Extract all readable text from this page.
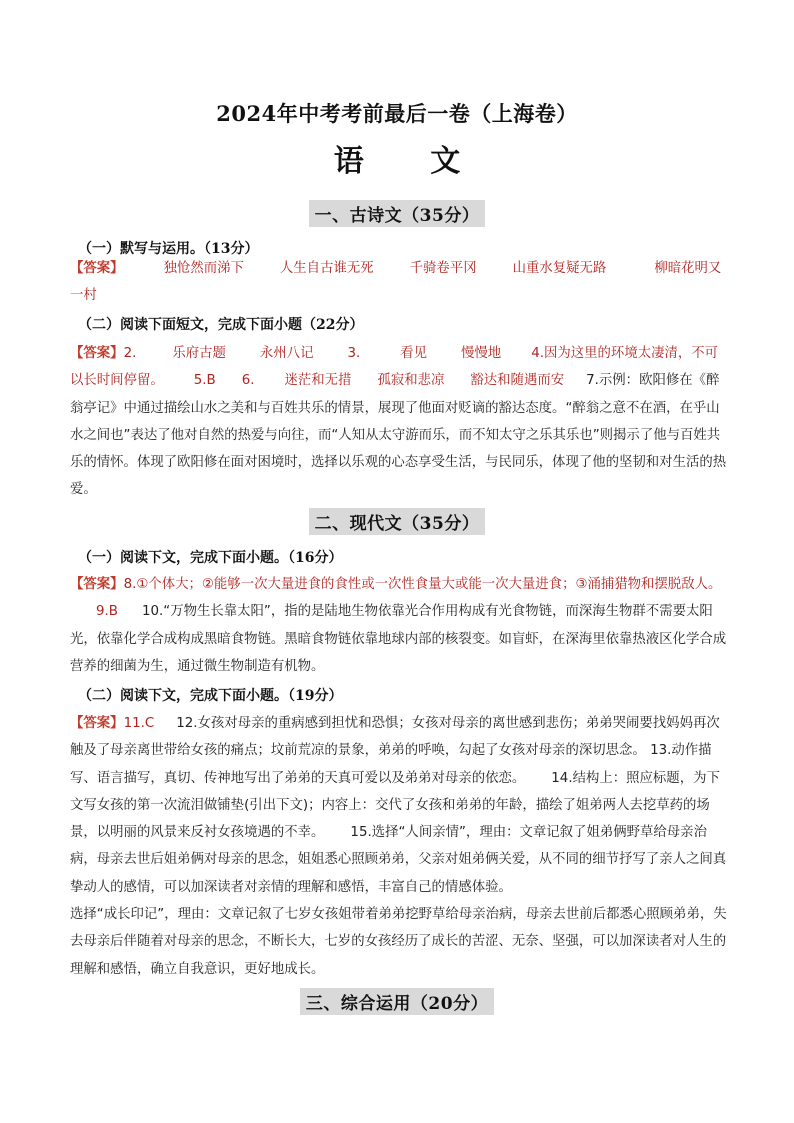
2024年中考考前最后一卷（上海卷）
语 文
一、古诗文（35分）
（一）默写与运用。（13分）
【答案】	独怆然而涕下	人生自古谁无死	千骑卷平冈	山重水复疑无路	柳暗花明又一村
（二）阅读下面短文，完成下面小题（22分）
【答案】2.	乐府古题	永州八记	3.	看见	慢慢地 4.因为这里的环境太凄清，不可以长时间停留。 5.B 6. 迷茫和无措 孤寂和悲凉 豁达和随遇而安 7.示例：欧阳修在《醉翁亭记》中通过描绘山水之美和与百姓共乐的情景，展现了他面对贬谪的豁达态度。“醉翁之意不在酒，在乎山水之间也”表达了他对自然的热爱与向往，而“人知从太守游而乐，而不知太守之乐其乐也”则揭示了他与百姓共乐的情怀。体现了欧阳修在面对困境时，选择以乐观的心态享受生活，与民同乐，体现了他的坚韧和对生活的热爱。
二、现代文（35分）
（一）阅读下文，完成下面小题。（16分）
【答案】8.①个体大；②能够一次大量进食的食性或一次性食量大或能一次大量进食；③涌捕猎物和摆脱敌人。9.B 10.“万物生长靠太阳”，指的是陆地生物依靠光合作用构成有光食物链，而深海生物群不需要太阳光，依靠化学合成构成黑暗食物链。黑暗食物链依靠地球内部的核裂变。如盲虾，在深海里依靠热液区化学合成营养的细菌为生，通过微生物制造有机物。
（二）阅读下文，完成下面小题。（19分）
【答案】11.C 12.女孩对母亲的重病感到担忧和恐惧；女孩对母亲的离世感到悲伤；弟弟哭闹要找妈妈再次触及了母亲离世带给女孩的痛点；坟前荒凉的景象，弟弟的呼唤，勾起了女孩对母亲的深切思念。 13.动作描写、语言描写，真切、传神地写出了弟弟的天真可爱以及弟弟对母亲的依恋。 14.结构上：照应标题，为下文写女孩的第一次流泪做铺垫(引出下文)；内容上：交代了女孩和弟弟的年龄，描绘了姐弟两人去挖草药的场景，以明丽的风景来反衬女孩境遇的不幸。 15.选择“人间亲情”，理由：文章记叙了姐弟俩野草给母亲治病，母亲去世后姐弟俩对母亲的思念，姐姐悉心照顾弟弟，父亲对姐弟俩关爱，从不同的细节抒写了亲人之间真挚动人的感情，可以加深读者对亲情的理解和感悟，丰富自己的情感体验。
选择“成长印记”，理由：文章记叙了七岁女孩姐带着弟弟挖野草给母亲治病，母亲去世前后都悉心照顾弟弟，失去母亲后伴随着对母亲的思念，不断长大，七岁的女孩经历了成长的苦涩、无奈、坚强，可以加深读者对人生的理解和感悟，确立自我意识，更好地成长。
三、综合运用（20分）
